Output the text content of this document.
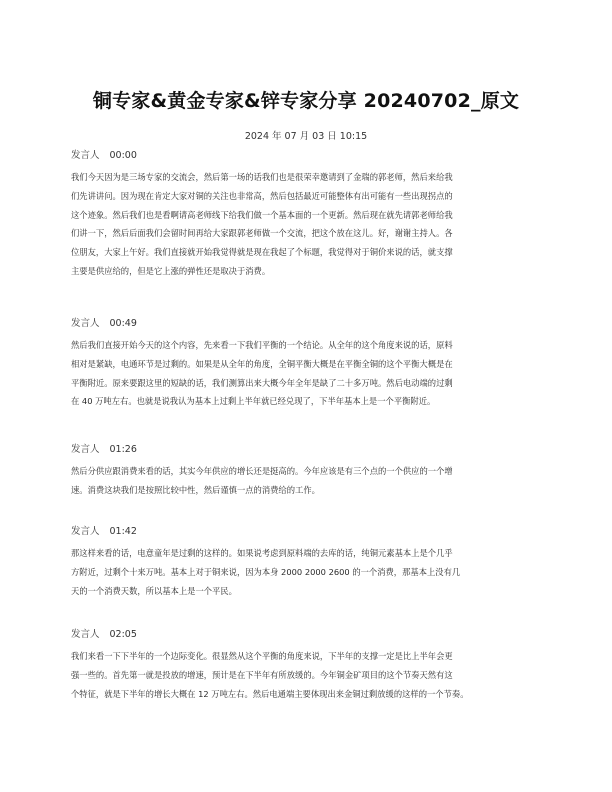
铜专家&黄金专家&锌专家分享 20240702_原文

2024 年 07 月 03 日 10:15

发言人 00:00

我们今天因为是三场专家的交流会，然后第一场的话我们也是很荣幸邀请到了金瑞的郭老师，然后来给我
们先讲讲问。因为现在肯定大家对铜的关注也非常高，然后包括最近可能整体有出可能有一些出现拐点的
这个迹象。然后我们也是看啊请高老师线下给我们做一个基本面的一个更新。然后现在就先请郭老师给我
们讲一下，然后后面我们会留时间再给大家跟郭老师做一个交流，把这个放在这儿。好，谢谢主持人。各
位朋友，大家上午好。我们直接就开始我觉得就是现在我起了个标题，我觉得对于铜价来说的话，就支撑
主要是供应给的，但是它上涨的弹性还是取决于消费。

发言人 00:49

然后我们直接开始今天的这个内容，先来看一下我们平衡的一个结论。从全年的这个角度来说的话，原料
相对是紧缺，电通环节是过剩的。如果是从全年的角度，全铜平衡大概是在平衡全铜的这个平衡大概是在
平衡附近。原来要跟这里的短缺的话，我们测算出来大概今年全年是缺了二十多万吨。然后电动端的过剩
在 40 万吨左右。也就是说我认为基本上过剩上半年就已经兑现了，下半年基本上是一个平衡附近。

发言人 01:26

然后分供应跟消费来看的话，其实今年供应的增长还是挺高的。今年应该是有三个点的一个供应的一个增
速。消费这块我们是按照比较中性，然后谨慎一点的消费给的工作。

发言人 01:42

那这样来看的话，电意童年是过剩的这样的。如果说考虑到原料端的去库的话，纯铜元素基本上是个几乎
方附近，过剩个十来万吨。基本上对于铜来说，因为本身 2000 2000 2600 的一个消费，那基本上没有几
天的一个消费天数，所以基本上是一个平民。

发言人 02:05

我们来看一下下半年的一个边际变化。很显然从这个平衡的角度来说，下半年的支撑一定是比上半年会更
强一些的。首先第一就是投放的增速，预计是在下半年有所放缓的。今年铜金矿项目的这个节奏天然有这
个特征，就是下半年的增长大概在 12 万吨左右。然后电通端主要体现出来金铜过剩放缓的这样的一个节奏。
